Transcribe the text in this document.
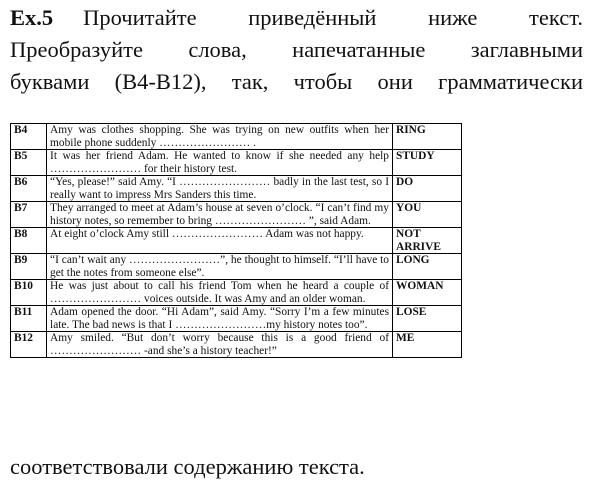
Ex.5 Прочитайте приведённый ниже текст.
Преобразуйте слова, напечатанные заглавными
буквами (B4-B12), так, чтобы они грамматически
B4	Amy was clothes shopping. She was trying on new outfits when her mobile phone suddenly …………………… .	RING
B5	It was her friend Adam. He wanted to know if she needed any help …………………… for their history test.	STUDY
B6	“Yes, please!” said Amy. “I …………………… badly in the last test, so I really want to impress Mrs Sanders this time.	DO
B7	They arranged to meet at Adam’s house at seven o’clock. “I can’t find my history notes, so remember to bring …………………… ”, said Adam.	YOU
B8	At eight o’clock Amy still …………………… Adam was not happy.	NOT ARRIVE
B9	“I can’t wait any ……………………”, he thought to himself. “I’ll have to get the notes from someone else”.	LONG
B10	He was just about to call his friend Tom when he heard a couple of …………………… voices outside. It was Amy and an older woman.	WOMAN
B11	Adam opened the door. “Hi Adam”, said Amy. “Sorry I’m a few minutes late. The bad news is that I ……………………my history notes too”.	LOSE
B12	Amy smiled. “But don’t worry because this is a good friend of …………………… -and she’s a history teacher!”	ME
соответствовали содержанию текста.
